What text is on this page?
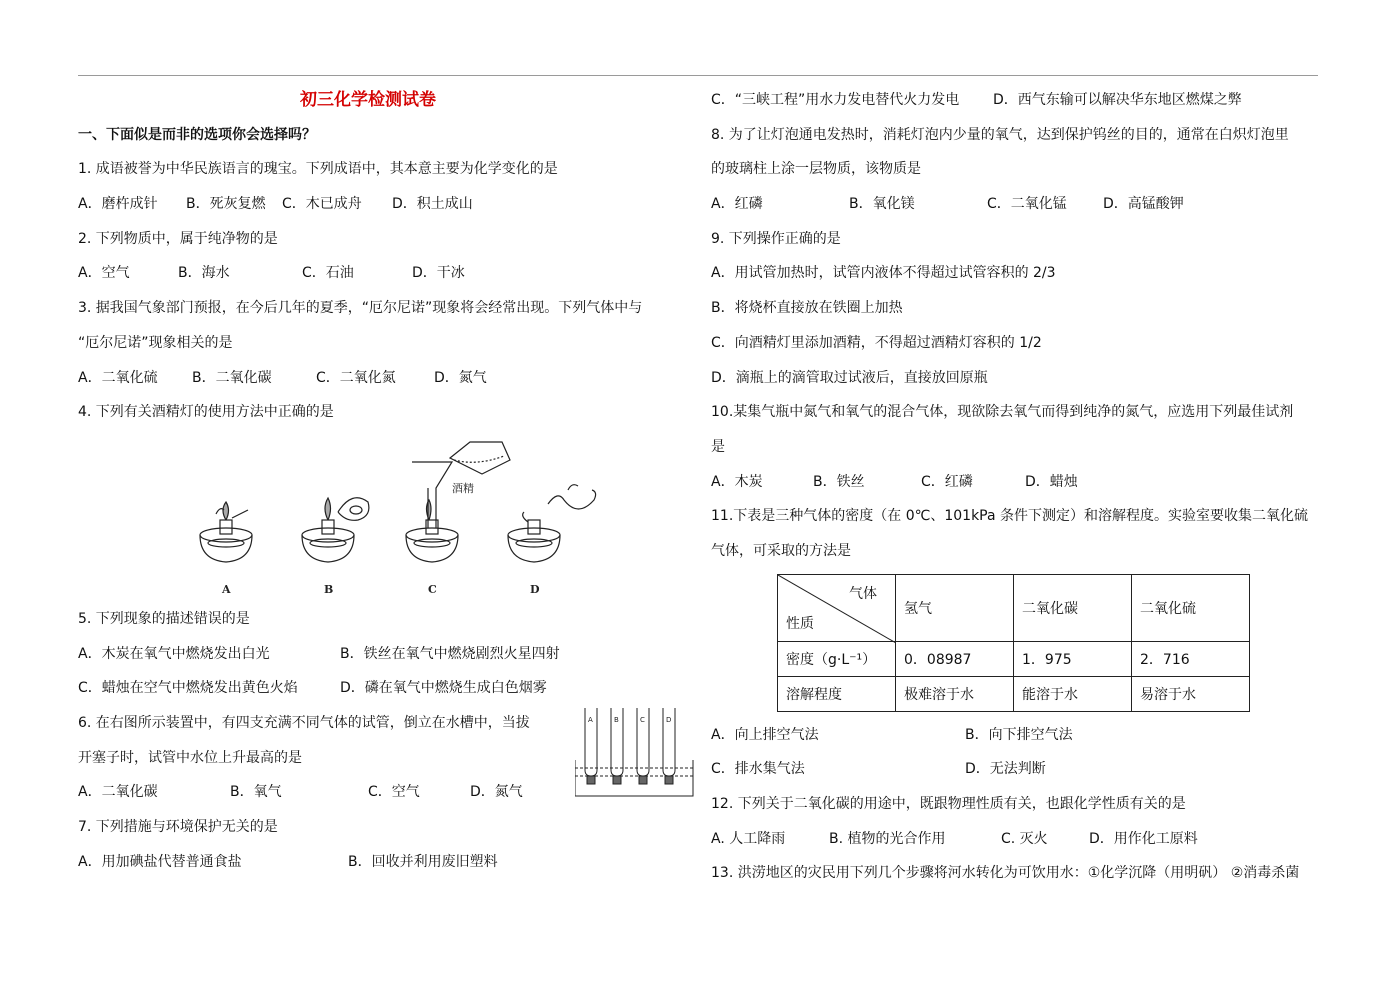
初三化学检测试卷
一、下面似是而非的选项你会选择吗？
1. 成语被誉为中华民族语言的瑰宝。下列成语中，其本意主要为化学变化的是
A．磨杵成针 B．死灰复燃 C．木已成舟 D．积土成山
2. 下列物质中，属于纯净物的是
A．空气	B．海水	C．石油	D．干冰
3. 据我国气象部门预报，在今后几年的夏季，“厄尔尼诺”现象将会经常出现。下列气体中与
“厄尔尼诺”现象相关的是
A．二氧化硫 B．二氧化碳	C．二氧化氮	D．氮气
4. 下列有关酒精灯的使用方法中正确的是
酒精
A	B	C	D
5. 下列现象的描述错误的是
A．木炭在氧气中燃烧发出白光	B．铁丝在氧气中燃烧剧烈火星四射
C．蜡烛在空气中燃烧发出黄色火焰	D．磷在氧气中燃烧生成白色烟雾
6. 在右图所示装置中，有四支充满不同气体的试管，倒立在水槽中，当拔
开塞子时，试管中水位上升最高的是
A．二氧化碳	B．氧气	C．空气	D．氮气
A	B	C	D
7. 下列措施与环境保护无关的是
A．用加碘盐代替普通食盐	B．回收并利用废旧塑料
C．“三峡工程”用水力发电替代火力发电 D．西气东输可以解决华东地区燃煤之弊
8. 为了让灯泡通电发热时，消耗灯泡内少量的氧气，达到保护钨丝的目的，通常在白炽灯泡里
的玻璃柱上涂一层物质，该物质是
A．红磷	B．氧化镁	C．二氧化锰	D．高锰酸钾
9. 下列操作正确的是
A．用试管加热时，试管内液体不得超过试管容积的 2/3
B．将烧杯直接放在铁圈上加热
C．向酒精灯里添加酒精，不得超过酒精灯容积的 1/2
D．滴瓶上的滴管取过试液后，直接放回原瓶
10.某集气瓶中氮气和氧气的混合气体，现欲除去氧气而得到纯净的氮气，应选用下列最佳试剂
是
A．木炭	B．铁丝	C．红磷	D．蜡烛
11.下表是三种气体的密度（在 0℃、101kPa 条件下测定）和溶解程度。实验室要收集二氧化硫
气体，可采取的方法是
气体
性质	氢气	二氧化碳	二氧化硫
密度（g·L⁻¹）	0．08987	1．975	2．716
溶解程度	极难溶于水	能溶于水	易溶于水
A．向上排空气法	B．向下排空气法
C．排水集气法	D．无法判断
12. 下列关于二氧化碳的用途中，既跟物理性质有关，也跟化学性质有关的是
A. 人工降雨	B. 植物的光合作用	C. 灭火	D．用作化工原料
13. 洪涝地区的灾民用下列几个步骤将河水转化为可饮用水：①化学沉降（用明矾） ②消毒杀菌
